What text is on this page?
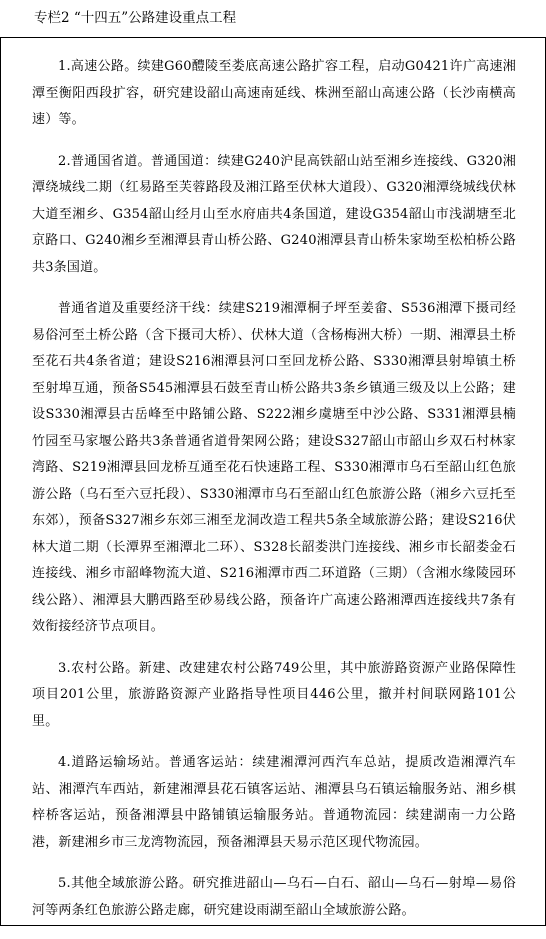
专栏2 “十四五”公路建设重点工程

1.高速公路。续建G60醴陵至娄底高速公路扩容工程，启动G0421许广高速湘潭至衡阳西段扩容，研究建设韶山高速南延线、株洲至韶山高速公路（长沙南横高速）等。

2.普通国省道。普通国道：续建G240沪昆高铁韶山站至湘乡连接线、G320湘潭绕城线二期（红易路至芙蓉路段及湘江路至伏林大道段）、G320湘潭绕城线伏林大道至湘乡、G354韶山经月山至水府庙共4条国道，建设G354韶山市浅湖塘至北京路口、G240湘乡至湘潭县青山桥公路、G240湘潭县青山桥朱家坳至松柏桥公路共3条国道。

普通省道及重要经济干线：续建S219湘潭桐子坪至姜畲、S536湘潭下摄司经易俗河至土桥公路（含下摄司大桥）、伏林大道（含杨梅洲大桥）一期、湘潭县土桥至花石共4条省道；建设S216湘潭县河口至回龙桥公路、S330湘潭县射埠镇土桥至射埠互通，预备S545湘潭县石鼓至青山桥公路共3条乡镇通三级及以上公路；建设S330湘潭县古岳峰至中路铺公路、S222湘乡虞塘至中沙公路、S331湘潭县楠竹园至马家堰公路共3条普通省道骨架网公路；建设S327韶山市韶山乡双石村林家湾路、S219湘潭县回龙桥互通至花石快速路工程、S330湘潭市乌石至韶山红色旅游公路（乌石至六豆托段）、S330湘潭市乌石至韶山红色旅游公路（湘乡六豆托至东郊），预备S327湘乡东郊三湘至龙洞改造工程共5条全域旅游公路；建设S216伏林大道二期（长潭界至湘潭北二环）、S328长韶娄洪门连接线、湘乡市长韶娄金石连接线、湘乡市韶峰物流大道、S216湘潭市西二环道路（三期）（含湘水缘陵园环线公路）、湘潭县大鹏西路至砂易线公路，预备许广高速公路湘潭西连接线共7条有效衔接经济节点项目。

3.农村公路。新建、改建建农村公路749公里，其中旅游路资源产业路保障性项目201公里，旅游路资源产业路指导性项目446公里，撤并村间联网路101公里。

4.道路运输场站。普通客运站：续建湘潭河西汽车总站，提质改造湘潭汽车站、湘潭汽车西站，新建湘潭县花石镇客运站、湘潭县乌石镇运输服务站、湘乡棋梓桥客运站，预备湘潭县中路铺镇运输服务站。普通物流园：续建湖南一力公路港，新建湘乡市三龙湾物流园，预备湘潭县天易示范区现代物流园。

5.其他全域旅游公路。研究推进韶山—乌石—白石、韶山—乌石—射埠—易俗河等两条红色旅游公路走廊，研究建设雨湖至韶山全域旅游公路。
